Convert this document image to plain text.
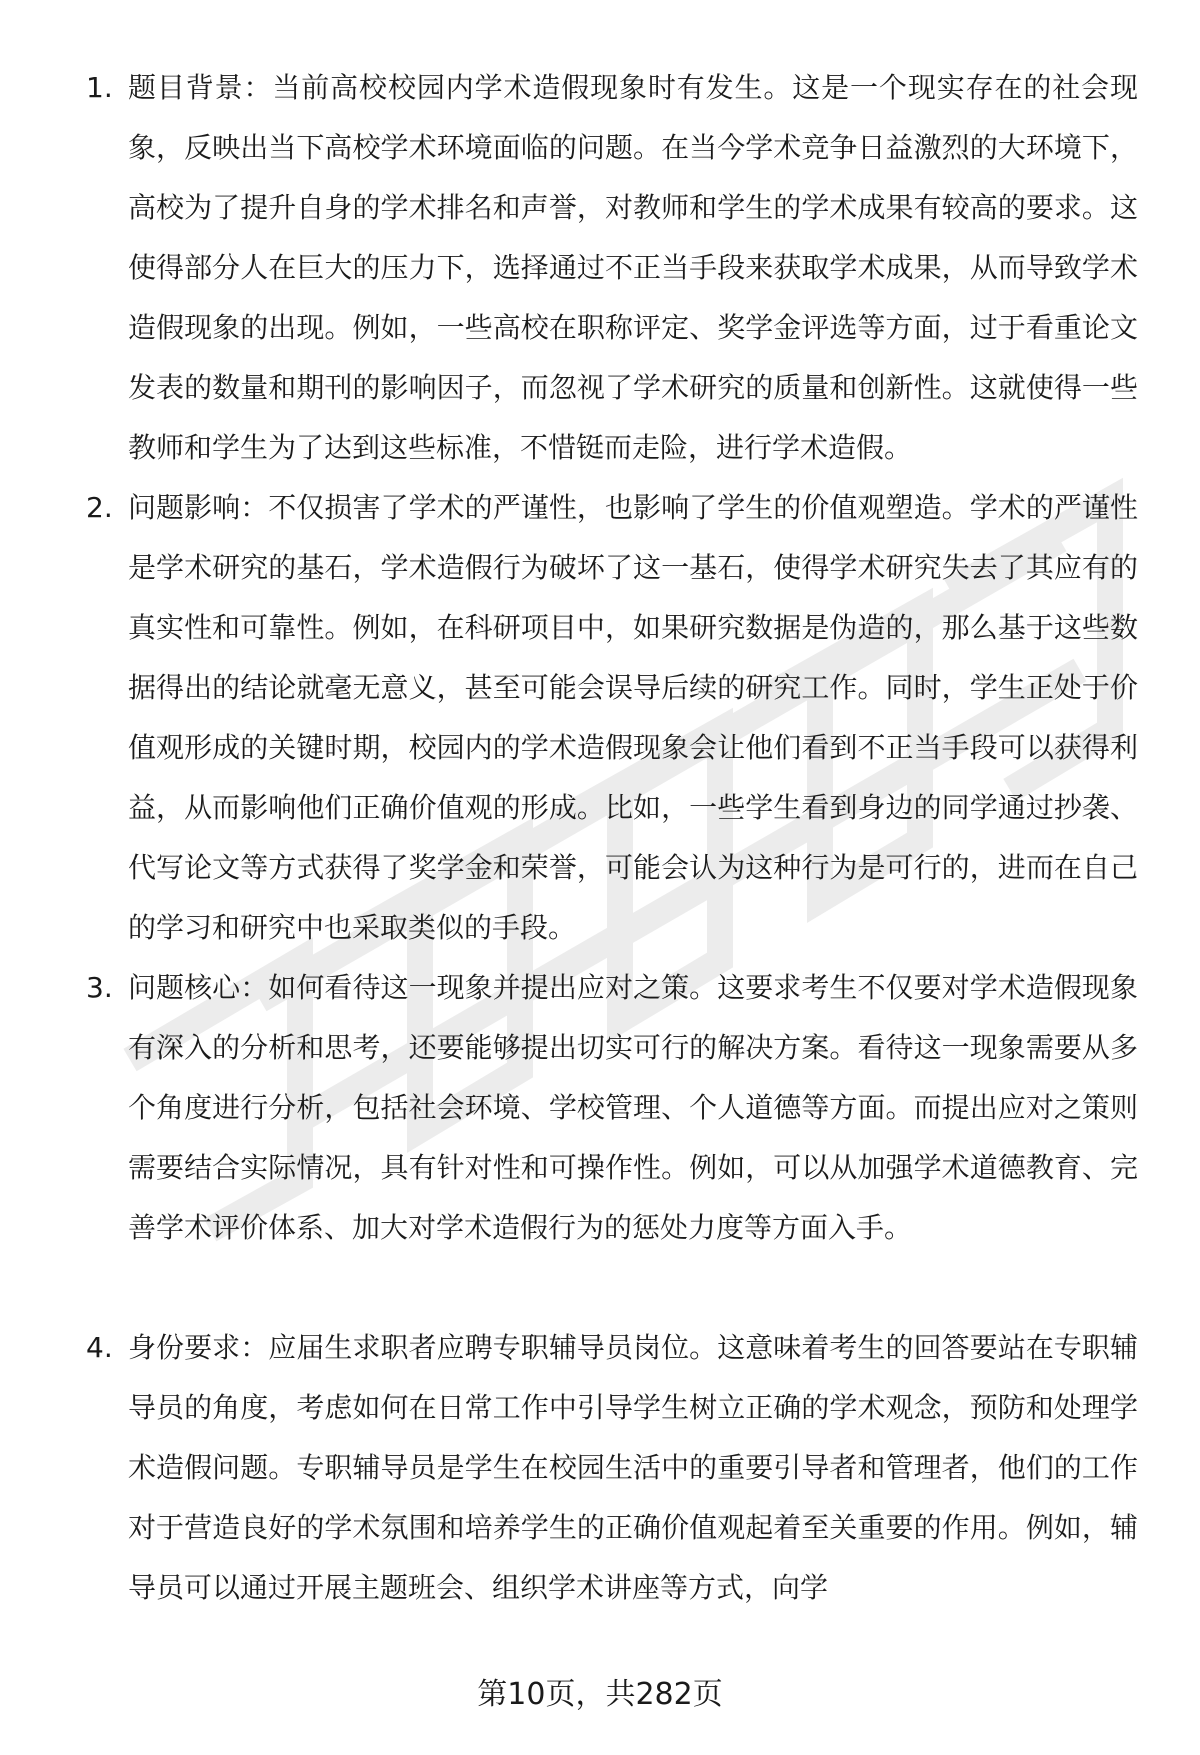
1. 题目背景：当前高校校园内学术造假现象时有发生。这是一个现实存在的社会现象，反映出当下高校学术环境面临的问题。在当今学术竞争日益激烈的大环境下，高校为了提升自身的学术排名和声誉，对教师和学生的学术成果有较高的要求。这使得部分人在巨大的压力下，选择通过不正当手段来获取学术成果，从而导致学术造假现象的出现。例如，一些高校在职称评定、奖学金评选等方面，过于看重论文发表的数量和期刊的影响因子，而忽视了学术研究的质量和创新性。这就使得一些教师和学生为了达到这些标准，不惜铤而走险，进行学术造假。
2. 问题影响：不仅损害了学术的严谨性，也影响了学生的价值观塑造。学术的严谨性是学术研究的基石，学术造假行为破坏了这一基石，使得学术研究失去了其应有的真实性和可靠性。例如，在科研项目中，如果研究数据是伪造的，那么基于这些数据得出的结论就毫无意义，甚至可能会误导后续的研究工作。同时，学生正处于价值观形成的关键时期，校园内的学术造假现象会让他们看到不正当手段可以获得利益，从而影响他们正确价值观的形成。比如，一些学生看到身边的同学通过抄袭、代写论文等方式获得了奖学金和荣誉，可能会认为这种行为是可行的，进而在自己的学习和研究中也采取类似的手段。
3. 问题核心：如何看待这一现象并提出应对之策。这要求考生不仅要对学术造假现象有深入的分析和思考，还要能够提出切实可行的解决方案。看待这一现象需要从多个角度进行分析，包括社会环境、学校管理、个人道德等方面。而提出应对之策则需要结合实际情况，具有针对性和可操作性。例如，可以从加强学术道德教育、完善学术评价体系、加大对学术造假行为的惩处力度等方面入手。
4. 身份要求：应届生求职者应聘专职辅导员岗位。这意味着考生的回答要站在专职辅导员的角度，考虑如何在日常工作中引导学生树立正确的学术观念，预防和处理学术造假问题。专职辅导员是学生在校园生活中的重要引导者和管理者，他们的工作对于营造良好的学术氛围和培养学生的正确价值观起着至关重要的作用。例如，辅导员可以通过开展主题班会、组织学术讲座等方式，向学
第10页，共282页
